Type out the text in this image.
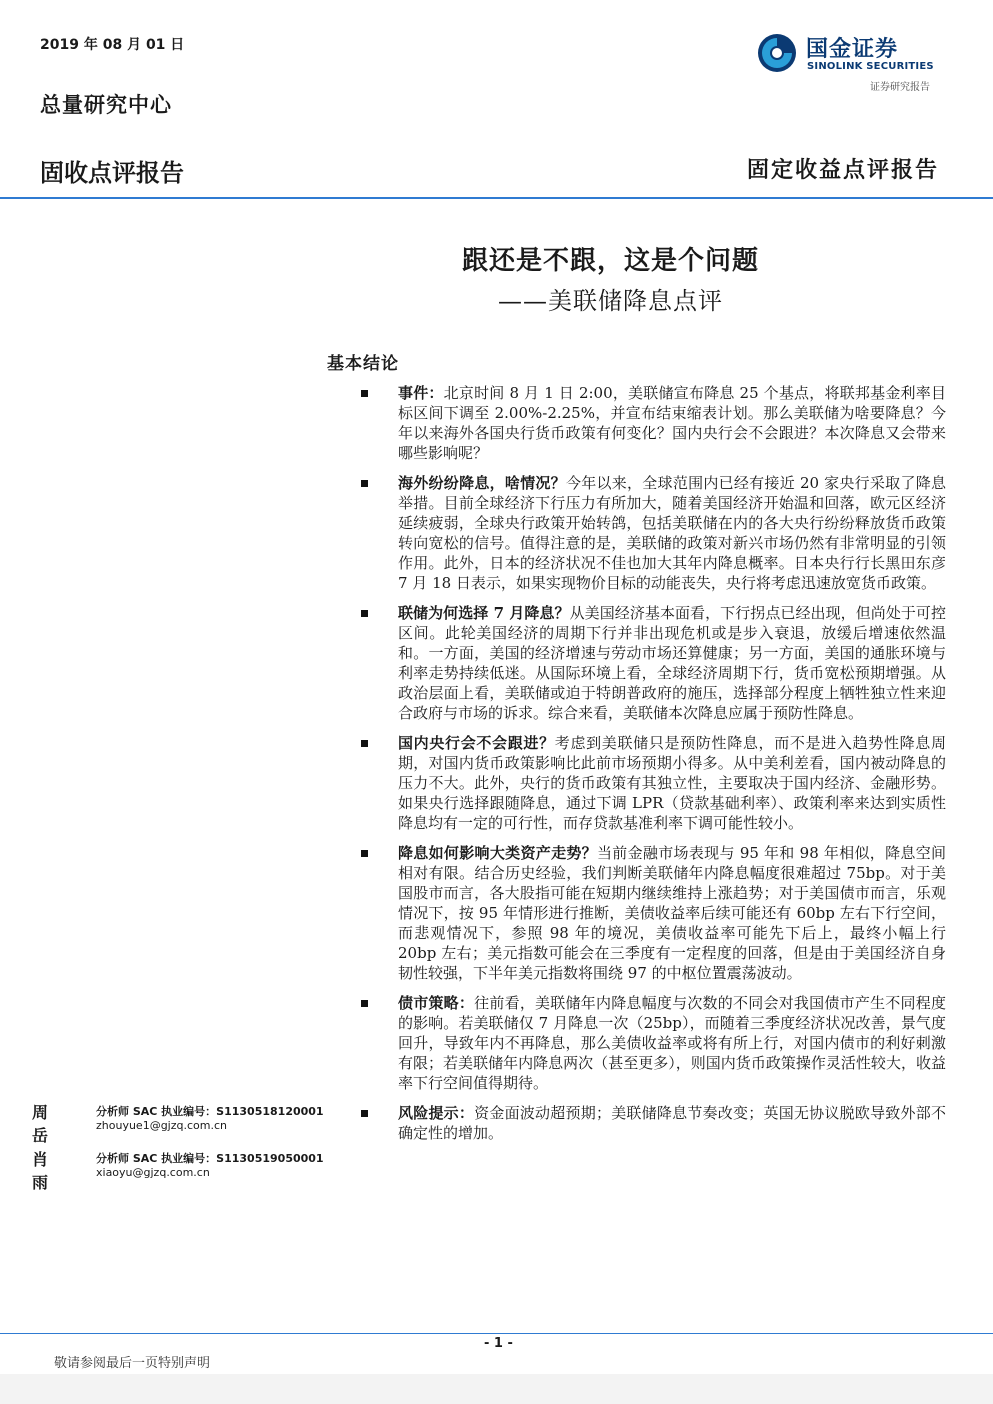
2019 年 08 月 01 日
总量研究中心
国金证券
SINOLINK SECURITIES
证券研究报告
固收点评报告	固定收益点评报告
跟还是不跟，这是个问题
——美联储降息点评
基本结论
事件：北京时间 8 月 1 日 2:00，美联储宣布降息 25 个基点，将联邦基金利率目标区间下调至 2.00%-2.25%，并宣布结束缩表计划。那么美联储为啥要降息？今年以来海外各国央行货币政策有何变化？国内央行会不会跟进？本次降息又会带来哪些影响呢？
海外纷纷降息，啥情况？今年以来，全球范围内已经有接近 20 家央行采取了降息举措。目前全球经济下行压力有所加大，随着美国经济开始温和回落，欧元区经济延续疲弱，全球央行政策开始转鸽，包括美联储在内的各大央行纷纷释放货币政策转向宽松的信号。值得注意的是，美联储的政策对新兴市场仍然有非常明显的引领作用。此外，日本的经济状况不佳也加大其年内降息概率。日本央行行长黑田东彦 7 月 18 日表示，如果实现物价目标的动能丧失，央行将考虑迅速放宽货币政策。
联储为何选择 7 月降息？从美国经济基本面看，下行拐点已经出现，但尚处于可控区间。此轮美国经济的周期下行并非出现危机或是步入衰退，放缓后增速依然温和。一方面，美国的经济增速与劳动市场还算健康；另一方面，美国的通胀环境与利率走势持续低迷。从国际环境上看，全球经济周期下行，货币宽松预期增强。从政治层面上看，美联储或迫于特朗普政府的施压，选择部分程度上牺牲独立性来迎合政府与市场的诉求。综合来看，美联储本次降息应属于预防性降息。
国内央行会不会跟进？考虑到美联储只是预防性降息，而不是进入趋势性降息周期，对国内货币政策影响比此前市场预期小得多。从中美利差看，国内被动降息的压力不大。此外，央行的货币政策有其独立性，主要取决于国内经济、金融形势。如果央行选择跟随降息，通过下调 LPR（贷款基础利率）、政策利率来达到实质性降息均有一定的可行性，而存贷款基准利率下调可能性较小。
降息如何影响大类资产走势？当前金融市场表现与 95 年和 98 年相似，降息空间相对有限。结合历史经验，我们判断美联储年内降息幅度很难超过 75bp。对于美国股市而言，各大股指可能在短期内继续维持上涨趋势；对于美国债市而言，乐观情况下，按 95 年情形进行推断，美债收益率后续可能还有 60bp 左右下行空间，而悲观情况下，参照 98 年的境况，美债收益率可能先下后上，最终小幅上行 20bp 左右；美元指数可能会在三季度有一定程度的回落，但是由于美国经济自身韧性较强，下半年美元指数将围绕 97 的中枢位置震荡波动。
债市策略：往前看，美联储年内降息幅度与次数的不同会对我国债市产生不同程度的影响。若美联储仅 7 月降息一次（25bp），而随着三季度经济状况改善，景气度回升，导致年内不再降息，那么美债收益率或将有所上行，对国内债市的利好刺激有限；若美联储年内降息两次（甚至更多），则国内货币政策操作灵活性较大，收益率下行空间值得期待。
风险提示：资金面波动超预期；美联储降息节奏改变；英国无协议脱欧导致外部不确定性的增加。
周岳
分析师 SAC 执业编号：S1130518120001
zhouyue1@gjzq.com.cn
肖雨
分析师 SAC 执业编号：S1130519050001
xiaoyu@gjzq.com.cn
- 1 -
敬请参阅最后一页特别声明
